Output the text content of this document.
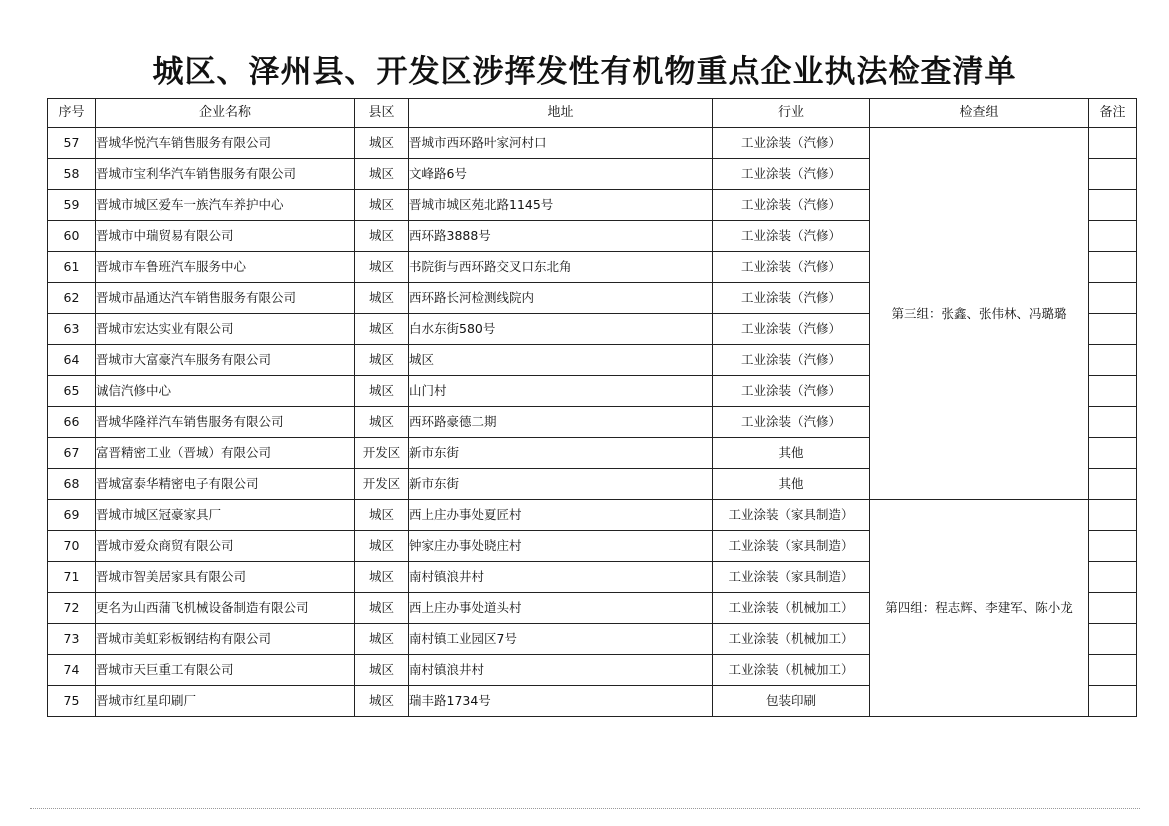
城区、泽州县、开发区涉挥发性有机物重点企业执法检查清单
序号	企业名称	县区	地址	行业	检查组	备注
57	晋城华悦汽车销售服务有限公司	城区	晋城市西环路叶家河村口	工业涂装（汽修）	第三组：张鑫、张伟林、冯璐璐	
58	晋城市宝利华汽车销售服务有限公司	城区	文峰路6号	工业涂装（汽修）		
59	晋城市城区爱车一族汽车养护中心	城区	晋城市城区苑北路1145号	工业涂装（汽修）		
60	晋城市中瑞贸易有限公司	城区	西环路3888号	工业涂装（汽修）		
61	晋城市车鲁班汽车服务中心	城区	书院街与西环路交叉口东北角	工业涂装（汽修）		
62	晋城市晶通达汽车销售服务有限公司	城区	西环路长河检测线院内	工业涂装（汽修）		
63	晋城市宏达实业有限公司	城区	白水东街580号	工业涂装（汽修）		
64	晋城市大富豪汽车服务有限公司	城区	城区	工业涂装（汽修）		
65	诚信汽修中心	城区	山门村	工业涂装（汽修）		
66	晋城华隆祥汽车销售服务有限公司	城区	西环路豪德二期	工业涂装（汽修）		
67	富晋精密工业（晋城）有限公司	开发区	新市东街	其他		
68	晋城富泰华精密电子有限公司	开发区	新市东街	其他		
69	晋城市城区冠豪家具厂	城区	西上庄办事处夏匠村	工业涂装（家具制造）	第四组：程志辉、李建军、陈小龙	
70	晋城市爱众商贸有限公司	城区	钟家庄办事处晓庄村	工业涂装（家具制造）		
71	晋城市智美居家具有限公司	城区	南村镇浪井村	工业涂装（家具制造）		
72	更名为山西蒲飞机械设备制造有限公司	城区	西上庄办事处道头村	工业涂装（机械加工）		
73	晋城市美虹彩板钢结构有限公司	城区	南村镇工业园区7号	工业涂装（机械加工）		
74	晋城市天巨重工有限公司	城区	南村镇浪井村	工业涂装（机械加工）		
75	晋城市红星印刷厂	城区	瑞丰路1734号	包装印刷		
